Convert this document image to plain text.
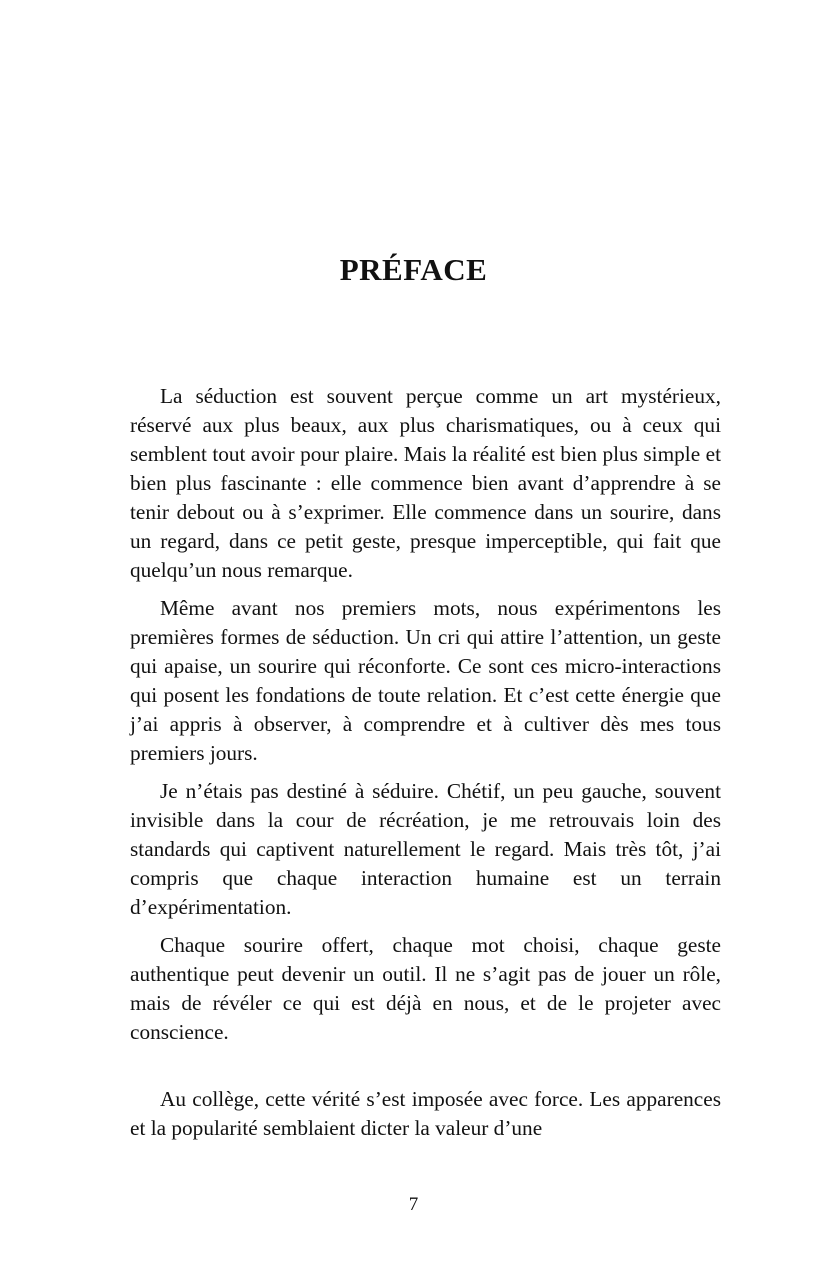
PRÉFACE

La séduction est souvent perçue comme un art mystérieux, réservé aux plus beaux, aux plus charismatiques, ou à ceux qui semblent tout avoir pour plaire. Mais la réalité est bien plus simple et bien plus fascinante : elle commence bien avant d’apprendre à se tenir debout ou à s’exprimer. Elle commence dans un sourire, dans un regard, dans ce petit geste, presque imperceptible, qui fait que quelqu’un nous remarque.

Même avant nos premiers mots, nous expérimentons les premières formes de séduction. Un cri qui attire l’attention, un geste qui apaise, un sourire qui réconforte. Ce sont ces micro-interactions qui posent les fondations de toute relation. Et c’est cette énergie que j’ai appris à observer, à comprendre et à cultiver dès mes tous premiers jours.

Je n’étais pas destiné à séduire. Chétif, un peu gauche, souvent invisible dans la cour de récréation, je me retrouvais loin des standards qui captivent naturellement le regard. Mais très tôt, j’ai compris que chaque interaction humaine est un terrain d’expérimentation.

Chaque sourire offert, chaque mot choisi, chaque geste authentique peut devenir un outil. Il ne s’agit pas de jouer un rôle, mais de révéler ce qui est déjà en nous, et de le projeter avec conscience.

Au collège, cette vérité s’est imposée avec force. Les apparences et la popularité semblaient dicter la valeur d’une

7
